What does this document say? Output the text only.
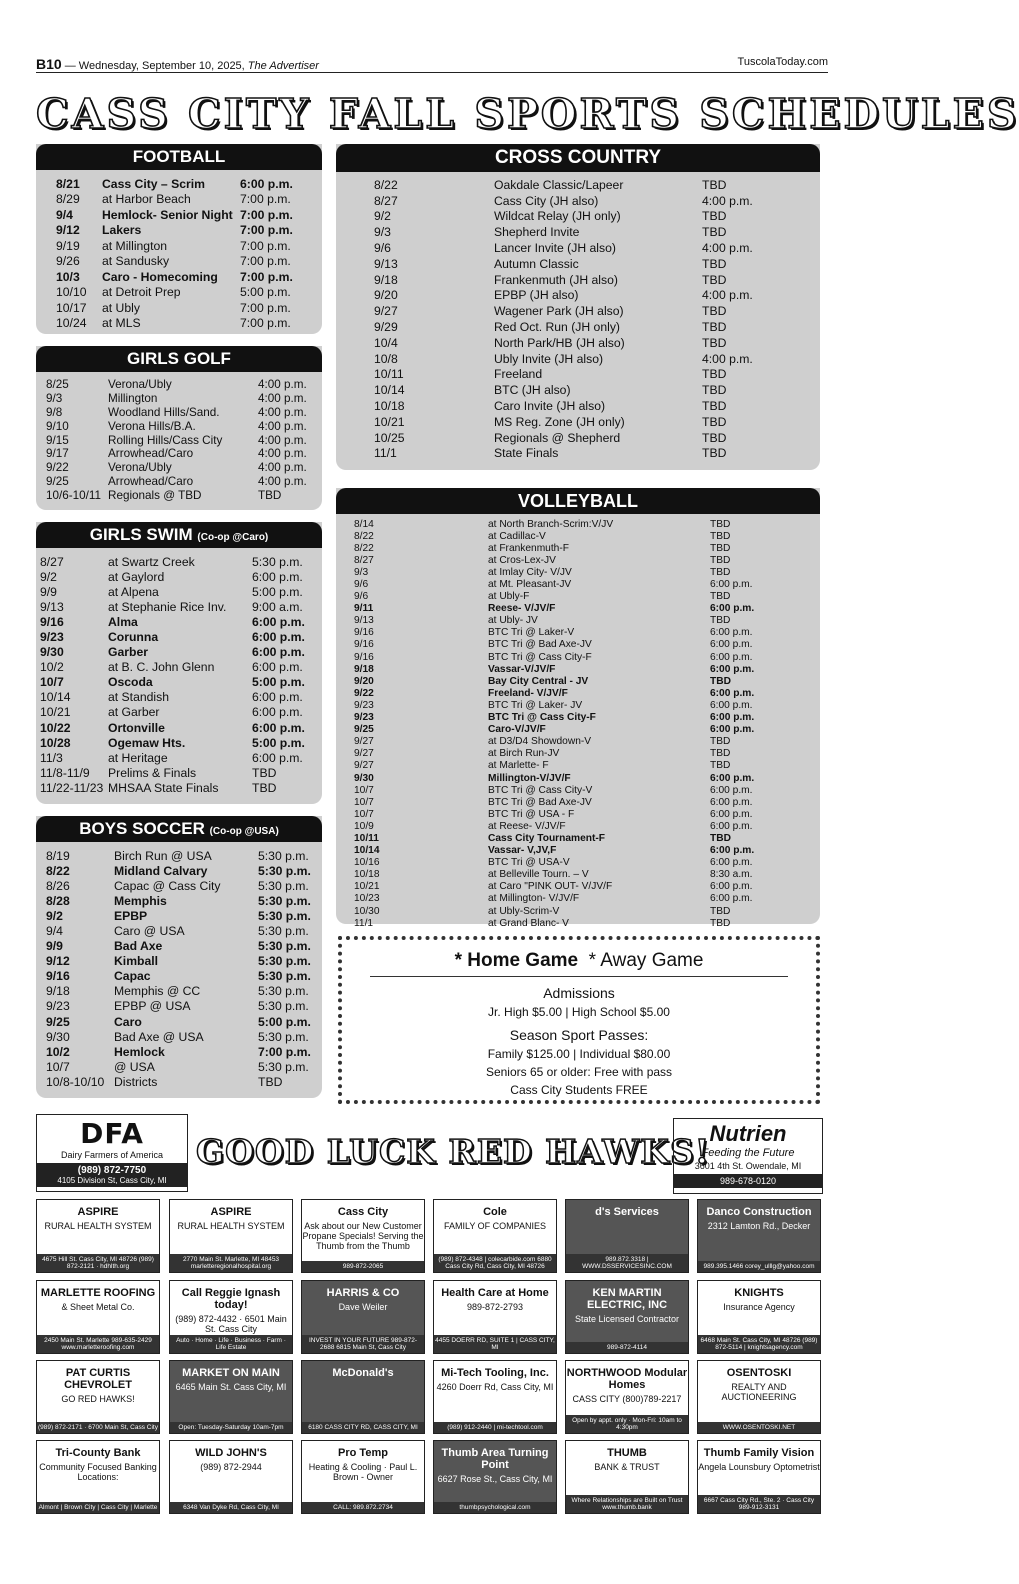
B10 — Wednesday, September 10, 2025, The Advertiser	TuscolaToday.com
CASS CITY FALL SPORTS SCHEDULES
FOOTBALL
8/21	Cass City – Scrim	6:00 p.m.
8/29	at Harbor Beach	7:00 p.m.
9/4	Hemlock- Senior Night	7:00 p.m.
9/12	Lakers	7:00 p.m.
9/19	at Millington	7:00 p.m.
9/26	at Sandusky	7:00 p.m.
10/3	Caro - Homecoming	7:00 p.m.
10/10	at Detroit Prep	5:00 p.m.
10/17	at Ubly	7:00 p.m.
10/24	at MLS	7:00 p.m.
GIRLS GOLF
8/25	Verona/Ubly	4:00 p.m.
9/3	Millington	4:00 p.m.
9/8	Woodland Hills/Sand.	4:00 p.m.
9/10	Verona Hills/B.A.	4:00 p.m.
9/15	Rolling Hills/Cass City	4:00 p.m.
9/17	Arrowhead/Caro	4:00 p.m.
9/22	Verona/Ubly	4:00 p.m.
9/25	Arrowhead/Caro	4:00 p.m.
10/6-10/11	Regionals @ TBD	TBD
GIRLS SWIM (Co-op @Caro)
8/27	at Swartz Creek	5:30 p.m.
9/2	at Gaylord	6:00 p.m.
9/9	at Alpena	5:00 p.m.
9/13	at Stephanie Rice Inv.	9:00 a.m.
9/16	Alma	6:00 p.m.
9/23	Corunna	6:00 p.m.
9/30	Garber	6:00 p.m.
10/2	at B. C. John Glenn	6:00 p.m.
10/7	Oscoda	5:00 p.m.
10/14	at Standish	6:00 p.m.
10/21	at Garber	6:00 p.m.
10/22	Ortonville	6:00 p.m.
10/28	Ogemaw Hts.	5:00 p.m.
11/3	at Heritage	6:00 p.m.
11/8-11/9	Prelims & Finals	TBD
11/22-11/23	MHSAA State Finals	TBD
BOYS SOCCER (Co-op @USA)
8/19	Birch Run @ USA	5:30 p.m.
8/22	Midland Calvary	5:30 p.m.
8/26	Capac @ Cass City	5:30 p.m.
8/28	Memphis	5:30 p.m.
9/2	EPBP	5:30 p.m.
9/4	Caro @ USA	5:30 p.m.
9/9	Bad Axe	5:30 p.m.
9/12	Kimball	5:30 p.m.
9/16	Capac	5:30 p.m.
9/18	Memphis @ CC	5:30 p.m.
9/23	EPBP @ USA	5:30 p.m.
9/25	Caro	5:00 p.m.
9/30	Bad Axe @ USA	5:30 p.m.
10/2	Hemlock	7:00 p.m.
10/7	@ USA	5:30 p.m.
10/8-10/10	Districts	TBD
CROSS COUNTRY
8/22	Oakdale Classic/Lapeer	TBD
8/27	Cass City (JH also)	4:00 p.m.
9/2	Wildcat Relay (JH only)	TBD
9/3	Shepherd Invite	TBD
9/6	Lancer Invite (JH also)	4:00 p.m.
9/13	Autumn Classic	TBD
9/18	Frankenmuth (JH also)	TBD
9/20	EPBP (JH also)	4:00 p.m.
9/27	Wagener Park (JH also)	TBD
9/29	Red Oct. Run (JH only)	TBD
10/4	North Park/HB (JH also)	TBD
10/8	Ubly Invite (JH also)	4:00 p.m.
10/11	Freeland	TBD
10/14	BTC (JH also)	TBD
10/18	Caro Invite (JH also)	TBD
10/21	MS Reg. Zone (JH only)	TBD
10/25	Regionals @ Shepherd	TBD
11/1	State Finals	TBD
VOLLEYBALL
8/14	at North Branch-Scrim:V/JV	TBD
8/22	at Cadillac-V	TBD
8/22	at Frankenmuth-F	TBD
8/27	at Cros-Lex-JV	TBD
9/3	at Imlay City- V/JV	TBD
9/6	at Mt. Pleasant-JV	6:00 p.m.
9/6	at Ubly-F	TBD
9/11	Reese- V/JV/F	6:00 p.m.
9/13	at Ubly- JV	TBD
9/16	BTC Tri @ Laker-V	6:00 p.m.
9/16	BTC Tri @ Bad Axe-JV	6:00 p.m.
9/16	BTC Tri @ Cass City-F	6:00 p.m.
9/18	Vassar-V/JV/F	6:00 p.m.
9/20	Bay City Central - JV	TBD
9/22	Freeland- V/JV/F	6:00 p.m.
9/23	BTC Tri @ Laker- JV	6:00 p.m.
9/23	BTC Tri @ Cass City-F	6:00 p.m.
9/25	Caro-V/JV/F	6:00 p.m.
9/27	at D3/D4 Showdown-V	TBD
9/27	at Birch Run-JV	TBD
9/27	at Marlette- F	TBD
9/30	Millington-V/JV/F	6:00 p.m.
10/7	BTC Tri @ Cass City-V	6:00 p.m.
10/7	BTC Tri @ Bad Axe-JV	6:00 p.m.
10/7	BTC Tri @ USA - F	6:00 p.m.
10/9	at Reese- V/JV/F	6:00 p.m.
10/11	Cass City Tournament-F	TBD
10/14	Vassar- V,JV,F	6:00 p.m.
10/16	BTC Tri @ USA-V	6:00 p.m.
10/18	at Belleville Tourn. – V	8:30 a.m.
10/21	at Caro "PINK OUT- V/JV/F	6:00 p.m.
10/23	at Millington- V/JV/F	6:00 p.m.
10/30	at Ubly-Scrim-V	TBD
11/1	at Grand Blanc- V	TBD
* Home Game * Away Game
Admissions
Jr. High $5.00 | High School $5.00
Season Sport Passes:
Family $125.00 | Individual $80.00
Seniors 65 or older: Free with pass
Cass City Students FREE
DFA
Dairy Farmers of America
(989) 872-7750
4105 Division St, Cass City, MI
GOOD LUCK RED HAWKS! Nutrien
Feeding the Future
3601 4th St. Owendale, MI
989-678-0120
ASPIRE
RURAL HEALTH SYSTEM
4675 Hill St. Cass City, MI 48726 (989) 872-2121 · hdhlth.org
ASPIRE
RURAL HEALTH SYSTEM
2770 Main St. Marlette, MI 48453 marletteregionalhospital.org
Cass City
Ask about our New Customer Propane Specials! Serving the Thumb from the Thumb
989-872-2065
Cole
FAMILY OF COMPANIES
(989) 872-4348 | colecarbide.com 6880 Cass City Rd, Cass City, MI 48726
d's Services
989.872.3318 | WWW.DSSERVICESINC.COM
Danco Construction
2312 Lamton Rd., Decker
989.395.1466 corey_ulllg@yahoo.com
MARLETTE ROOFING
& Sheet Metal Co.
2450 Main St. Marlette 989-635-2429 www.marletteroofing.com
Call Reggie Ignash today!
(989) 872-4432 · 6501 Main St. Cass City
Auto · Home · Life · Business · Farm · Life Estate
HARRIS & CO
Dave Weiler
INVEST IN YOUR FUTURE 989-872-2688 6815 Main St, Cass City
Health Care at Home
989-872-2793
4455 DOERR RD, SUITE 1 | CASS CITY, MI
KEN MARTIN ELECTRIC, INC
State Licensed Contractor
989-872-4114
KNIGHTS
Insurance Agency
6468 Main St. Cass City, MI 48726 (989) 872-5114 | knightsagency.com
PAT CURTIS CHEVROLET
GO RED HAWKS!
(989) 872-2171 · 6700 Main St, Cass City
MARKET ON MAIN
6465 Main St. Cass City, MI
Open: Tuesday-Saturday 10am-7pm
McDonald's
6180 CASS CITY RD, CASS CITY, MI
Mi-Tech Tooling, Inc.
4260 Doerr Rd, Cass City, MI
(989) 912-2440 | mi-techtool.com
NORTHWOOD Modular Homes
CASS CITY (800)789-2217
Open by appt. only · Mon-Fri: 10am to 4:30pm
OSENTOSKI
REALTY AND AUCTIONEERING
WWW.OSENTOSKI.NET
Tri-County Bank
Community Focused Banking Locations:
Almont | Brown City | Cass City | Marlette
WILD JOHN'S
(989) 872-2944
6348 Van Dyke Rd, Cass City, MI
Pro Temp
Heating & Cooling · Paul L. Brown - Owner
CALL: 989.872.2734
Thumb Area Turning Point
6627 Rose St., Cass City, MI
thumbpsychological.com
THUMB
BANK & TRUST
Where Relationships are Built on Trust www.thumb.bank
Thumb Family Vision
Angela Lounsbury Optometrist
6667 Cass City Rd., Ste. 2 · Cass City 989-912-3131
